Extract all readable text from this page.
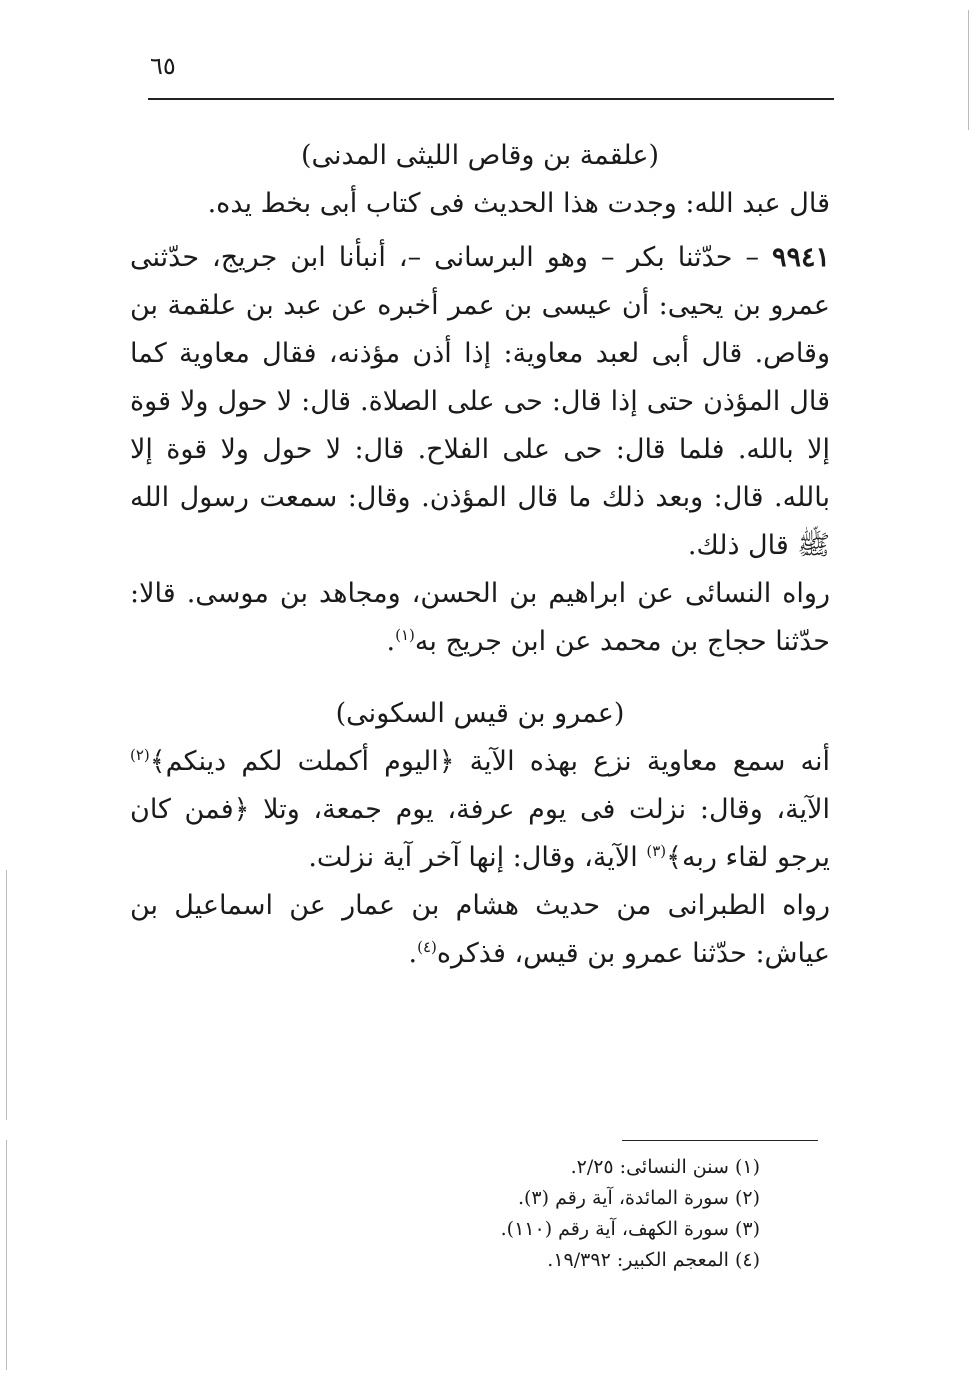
٦٥

(علقمة بن وقاص الليثى المدنى)

قال عبد الله: وجدت هذا الحديث فى كتاب أبى بخط يده.

٩٩٤١ – حدّثنا بكر – وهو البرسانى –، أنبأنا ابن جريج، حدّثنى عمرو بن يحيى: أن عيسى بن عمر أخبره عن عبد بن علقمة بن وقاص. قال أبى لعبد معاوية: إذا أذن مؤذنه، فقال معاوية كما قال المؤذن حتى إذا قال: حى على الصلاة. قال: لا حول ولا قوة إلا بالله. فلما قال: حى على الفلاح. قال: لا حول ولا قوة إلا بالله. قال: وبعد ذلك ما قال المؤذن. وقال: سمعت رسول الله ﷺ قال ذلك.

رواه النسائى عن ابراهيم بن الحسن، ومجاهد بن موسى. قالا: حدّثنا حجاج بن محمد عن ابن جريج به$^{(١)}$.

(عمرو بن قيس السكونى)

أنه سمع معاوية نزع بهذه الآية ﴿اليوم أكملت لكم دينكم﴾$^{(٢)}$ الآية، وقال: نزلت فى يوم عرفة، يوم جمعة، وتلا ﴿فمن كان يرجو لقاء ربه﴾$^{(٣)}$ الآية، وقال: إنها آخر آية نزلت.

رواه الطبرانى من حديث هشام بن عمار عن اسماعيل بن عياش: حدّثنا عمرو بن قيس، فذكره$^{(٤)}$.

(١) سنن النسائى: ٢/٢٥.

(٢) سورة المائدة، آية رقم (٣).

(٣) سورة الكهف، آية رقم (١١٠).

(٤) المعجم الكبير: ١٩/٣٩٢.
